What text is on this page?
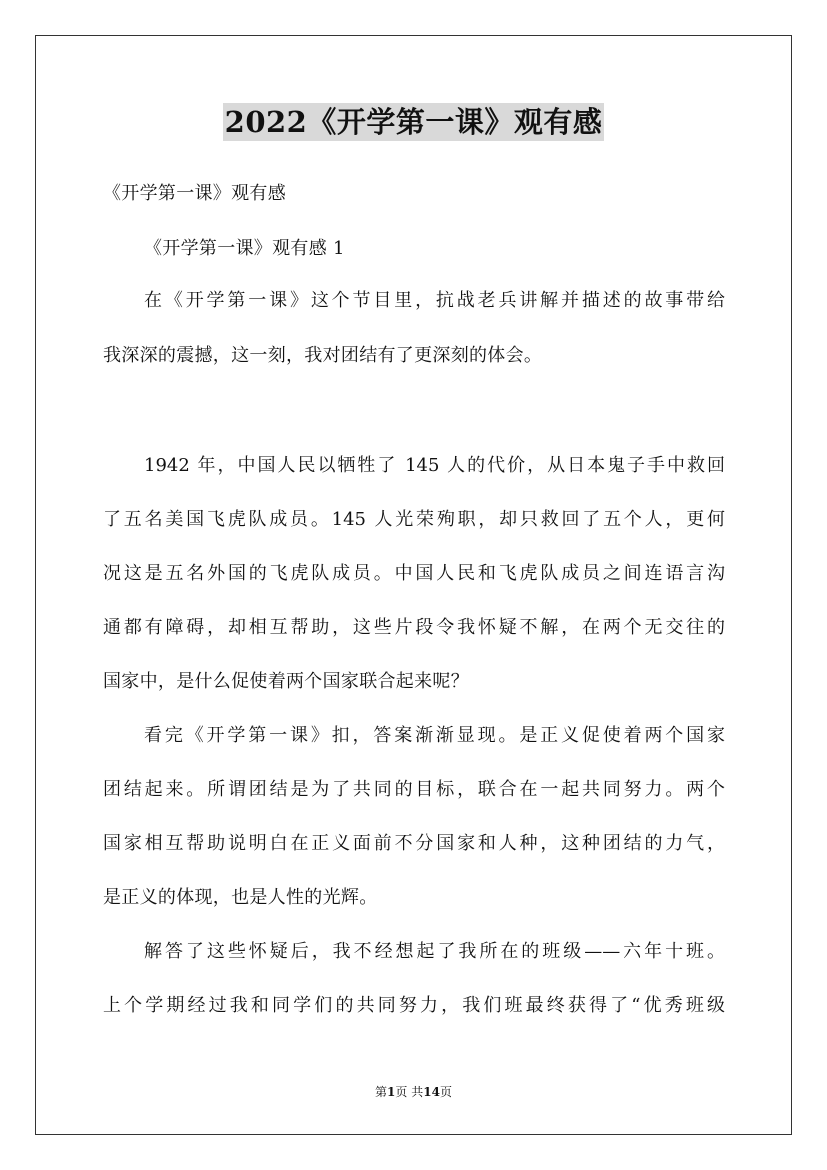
2022《开学第一课》观有感
《开学第一课》观有感
《开学第一课》观有感 1
在《开学第一课》这个节目里，抗战老兵讲解并描述的故事带给
我深深的震撼，这一刻，我对团结有了更深刻的体会。
1942 年，中国人民以牺牲了 145 人的代价，从日本鬼子手中救回
了五名美国飞虎队成员。145 人光荣殉职，却只救回了五个人，更何
况这是五名外国的飞虎队成员。中国人民和飞虎队成员之间连语言沟
通都有障碍，却相互帮助，这些片段令我怀疑不解，在两个无交往的
国家中，是什么促使着两个国家联合起来呢？
看完《开学第一课》扣，答案渐渐显现。是正义促使着两个国家
团结起来。所谓团结是为了共同的目标，联合在一起共同努力。两个
国家相互帮助说明白在正义面前不分国家和人种，这种团结的力气，
是正义的体现，也是人性的光辉。
解答了这些怀疑后，我不经想起了我所在的班级——六年十班。
上个学期经过我和同学们的共同努力，我们班最终获得了“优秀班级
第1页 共14页
